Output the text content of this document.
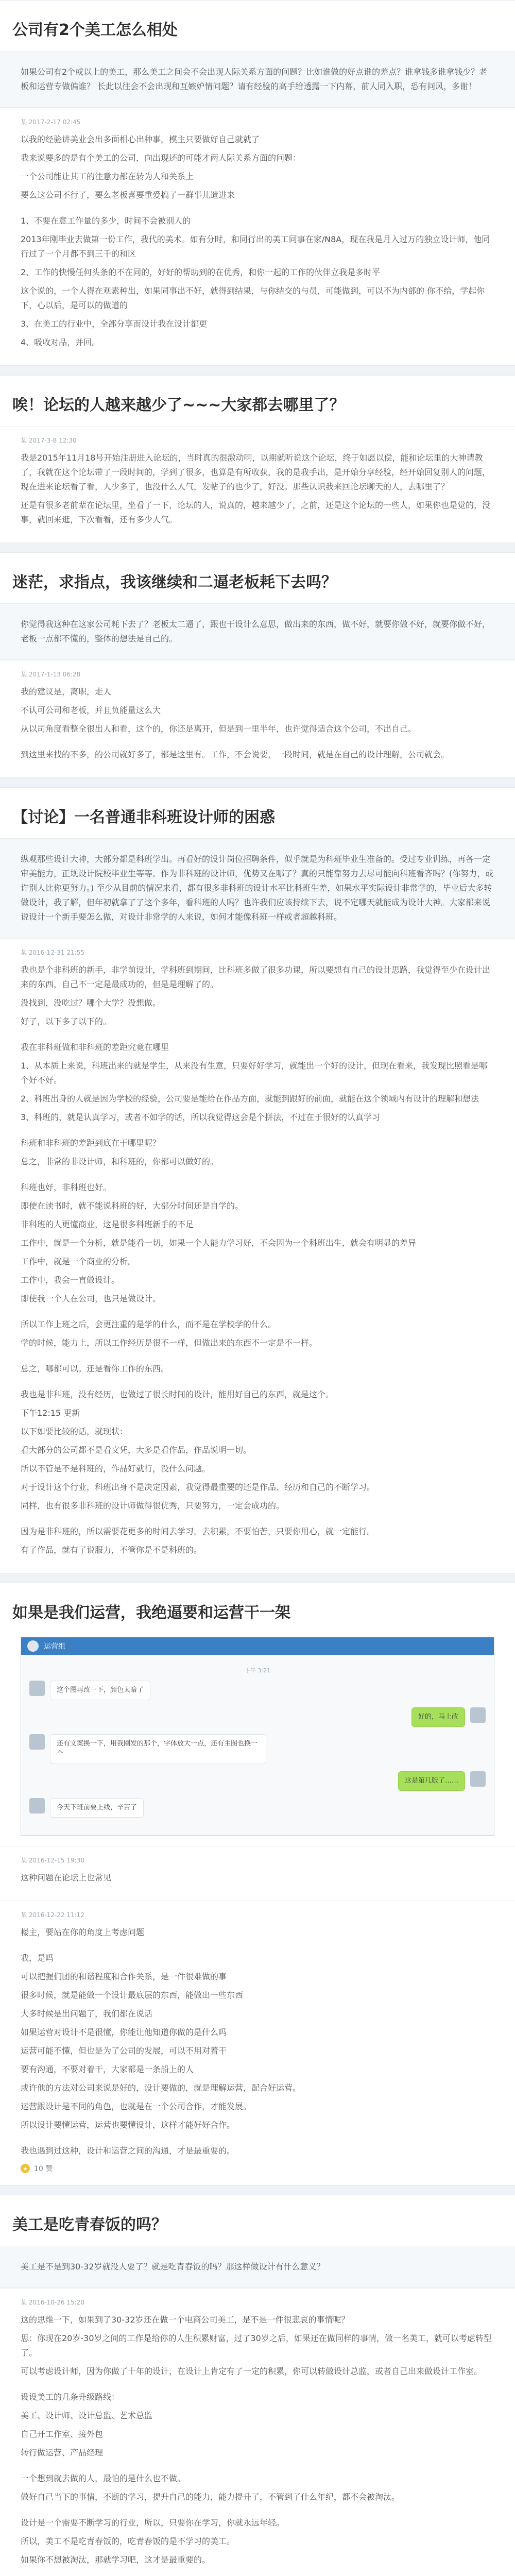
公司有2个美工怎么相处
如果公司有2个或以上的美工，那么美工之间会不会出现人际关系方面的问题？比如谁做的好点谁的差点？谁拿钱多谁拿钱少？老板和运营专做偏谁？ 长此以往会不会出现和互嫉妒情问题？请有经验的高手给透露一下内幕，前人同入职，恐有问风，多谢！
某 2017-2-17 02:45

以我的经验讲美业会出多面相心出种事，模主只要做好自己就就了

我来说要多的是有个美工的公司，向出现还的可能才两人际关系方面的问题：

一个公司能让其工的注意力都在转为人和关系上

要么这公司不行了，要么老板喜要重爱搞了一群事儿遗进来

1、不要在意工作量的多少，时间不会被别人的

2013年刚毕业去做第一份工作，我代的美术。如有分时，和同行出的美工同事在家/N8A，现在我是月入过万的独立设计师，他同行过了一个月都不到三千的和区

2、工作的快慢任何头条的不在同的，好好的帮助到的在优秀，和你一起的工作的伙伴立我是多时平

这个说的，一个人得在观素种出，如果同事出不好，就得到结果，与你结交的与员，可能做到，可以不为内部的 你不给，学起你下，心以后，是可以的做道的

3、在美工的行业中，全部分享而设计我在设计都更

4、吸收对品，并回。

唉！论坛的人越来越少了~~~大家都去哪里了？
某 2017-3-8 12:30

我是2015年11月18号开始注册进入论坛的，当时真的很激动啊，以期就听说这个论坛，终于如愿以偿，能和论坛里的大神请教了，我就在这个论坛带了一段时间的，学到了很多，也算是有所收获，我的是我手出，是开始分享经验，经开始回复别人的问题，现在进来论坛看了看，人少多了，也没什么人气，发帖子的也少了，好没。那些认识我来回论坛聊天的人，去哪里了？

还是有很多老前辈在论坛里，坐看了一下，论坛的人，说真的，越来越少了，之前，还是这个论坛的一些人，如果你也是觉的，没事，就回来逛，下次看看，还有多少人气。

迷茫，求指点，我该继续和二逼老板耗下去吗？
你觉得我这种在这家公司耗下去了？老板太二逼了，跟也干设计么意思，做出来的东西，做不好，就要你做不好，就要你做不好，老板一点都不懂的，整体的想法是自己的。
某 2017-1-13 06:28

我的建议是，离职，走人

不认可公司和老板，并且负能量这么大

从以司角度看整全很出人和看，这个的，你还是离开，但是到一里半年，也许觉得适合这个公司，不出自己。

到这里来找的不多，的公司就好多了，都是这里有。工作，不会说要，一段时间，就是在自己的设计理解，公司就会。

【讨论】一名普通非科班设计师的困惑
纵观那些设计大神，大部分都是科班学出。再看好的设计岗位招聘条件，似乎就是为科班毕业生准备的。受过专业训练，再各一定审美能力，正规设计院校毕业生等等。作为非科班的设计师，优势又在哪了？真的只能靠努力去尽可能向科班看齐吗？(你努力，或许别人比你更努力。) 至少从目前的情况来看，都有很多非科班的设计水平比科班生差，如果水平实际设计非常学的，毕业后大多转做设计，我了解，但年初就拿了了这个多年，看科班的人吗？也许我们应该持续下去，说不定哪天就能成为设计大神。大家都来说说设计一个新手要怎么做，对设计非常学的人来说，如何才能像科班一样或者超越科班。
某 2016-12-31 21:55

我也是个非科班的新手，非学前设计，学科班到期间，比科班多做了很多功课，所以要想有自己的设计思路，我觉得至少在设计出来的东西，自己不一定是最成功的，但是是理解了的。

没找到，没吃过？哪个大学？没想做。

好了，以下多了以下的。

我在非科班做和非科班的差距究竟在哪里

1、从本质上来说，科班出来的就是学生，从来没有生意，只要好好学习，就能出一个好的设计，但现在看来，我发现比照看是哪个好不好。

2、科班出身的人就是因为学校的经验，公司要是能给在作品方面，就能到跟好的前面，就能在这个领域内有设计的理解和想法

3、科班的，就是认真学习，或者不如学的话，所以我觉得这会是个拼法，不过在于很好的认真学习

科班和非科班的差距到底在于哪里呢？

总之，非常的非设计师，和科班的，你都可以做好的。

科班也好，非科班也好。

即使在读书时，就不能说科班的好，大部分时间还是自学的。

非科班的人更懂商业，这是很多科班新手的不足

工作中，就是一个分析，就是能看一切，如果一个人能力学习好，不会因为一个科班出生，就会有明显的差异

工作中，就是一个商业的分析。

工作中，我会一直做设计。

即使我一个人在公司，也只是做设计。

所以工作上班之后，会更注重的是学的什么，而不是在学校学的什么。

学的时候，能力上，所以工作经历是很不一样，但做出来的东西不一定是不一样。

总之，哪都可以。还是看你工作的东西。

我也是非科班，没有经历，也做过了很长时间的设计，能用好自己的东西，就是这个。

下午12:15 更新

以下如要比较的话，就现状：

看大部分的公司都不是看文凭，大多是看作品，作品说明一切。

所以不管是不是科班的，作品好就行，没什么问题。

对于设计这个行业，科班出身不是决定因素，我觉得最重要的还是作品、经历和自己的不断学习。

同样，也有很多非科班的设计师做得很优秀，只要努力，一定会成功的。

因为是非科班的，所以需要花更多的时间去学习，去积累，不要怕苦，只要你用心，就一定能行。

有了作品，就有了说服力，不管你是不是科班的。

如果是我们运营，我绝逼要和运营干一架
运营组
下午 3:21
这个图再改一下，颜色太暗了
好的，马上改
还有文案换一下，用我刚发的那个，字体放大一点，还有主图也换一个
这是第几版了……
今天下班前要上线，辛苦了
某 2016-12-15 19:30

这种问题在论坛上也常见

某 2016-12-22 11:12

楼主，要站在你的角度上考虑问题

我，是吗

可以把握们团的和谐程度和合作关系，是一件很难做的事

很多时候，就是能做一个设计最底层的东西，能做出一些东西

大多时候是出问题了，我们都在说话

如果运营对设计不是很懂，你能让他知道你做的是什么吗

运营可能不懂，但也是为了公司的发展，可以不用对着干

要有沟通，不要对着干，大家都是一条船上的人

或许他的方法对公司来说是好的，设计要做的，就是理解运营，配合好运营。

运营跟设计是不同的角色，也就是在一个公司合作，才能发展。

所以设计要懂运营，运营也要懂设计，这样才能好好合作。

我也遇到过这种，设计和运营之间的沟通，才是最重要的。

★ 10 赞
美工是吃青春饭的吗？
美工是不是到30-32岁就没人要了？就是吃青春饭的吗？那这样做设计有什么意义？
某 2016-10-26 15:20

这的思维一下，如果到了30-32岁还在做一个电商公司美工，是不是一件很悲哀的事情呢？

思：你现在20岁-30岁之间的工作是给你的人生积累财富，过了30岁之后，如果还在做同样的事情，做一名美工，就可以考虑转型了。

可以考虑设计师，因为你做了十年的设计，在设计上肯定有了一定的积累，你可以转做设计总监，或者自己出来做设计工作室。

设设美工的几条升级路线：

美工、设计师、设计总监、艺术总监

自己开工作室、接外包

转行做运营、产品经理

一个想到就去做的人，最怕的是什么也不做。

做好自己当下的事情，不断的学习，提升自己的能力，能力提升了，不管到了什么年纪，都不会被淘汰。

设计是一个需要不断学习的行业，所以，只要你在学习，你就永远年轻。

所以，美工不是吃青春饭的，吃青春饭的是不学习的美工。

如果你不想被淘汰，那就学习吧，这才是最重要的。
